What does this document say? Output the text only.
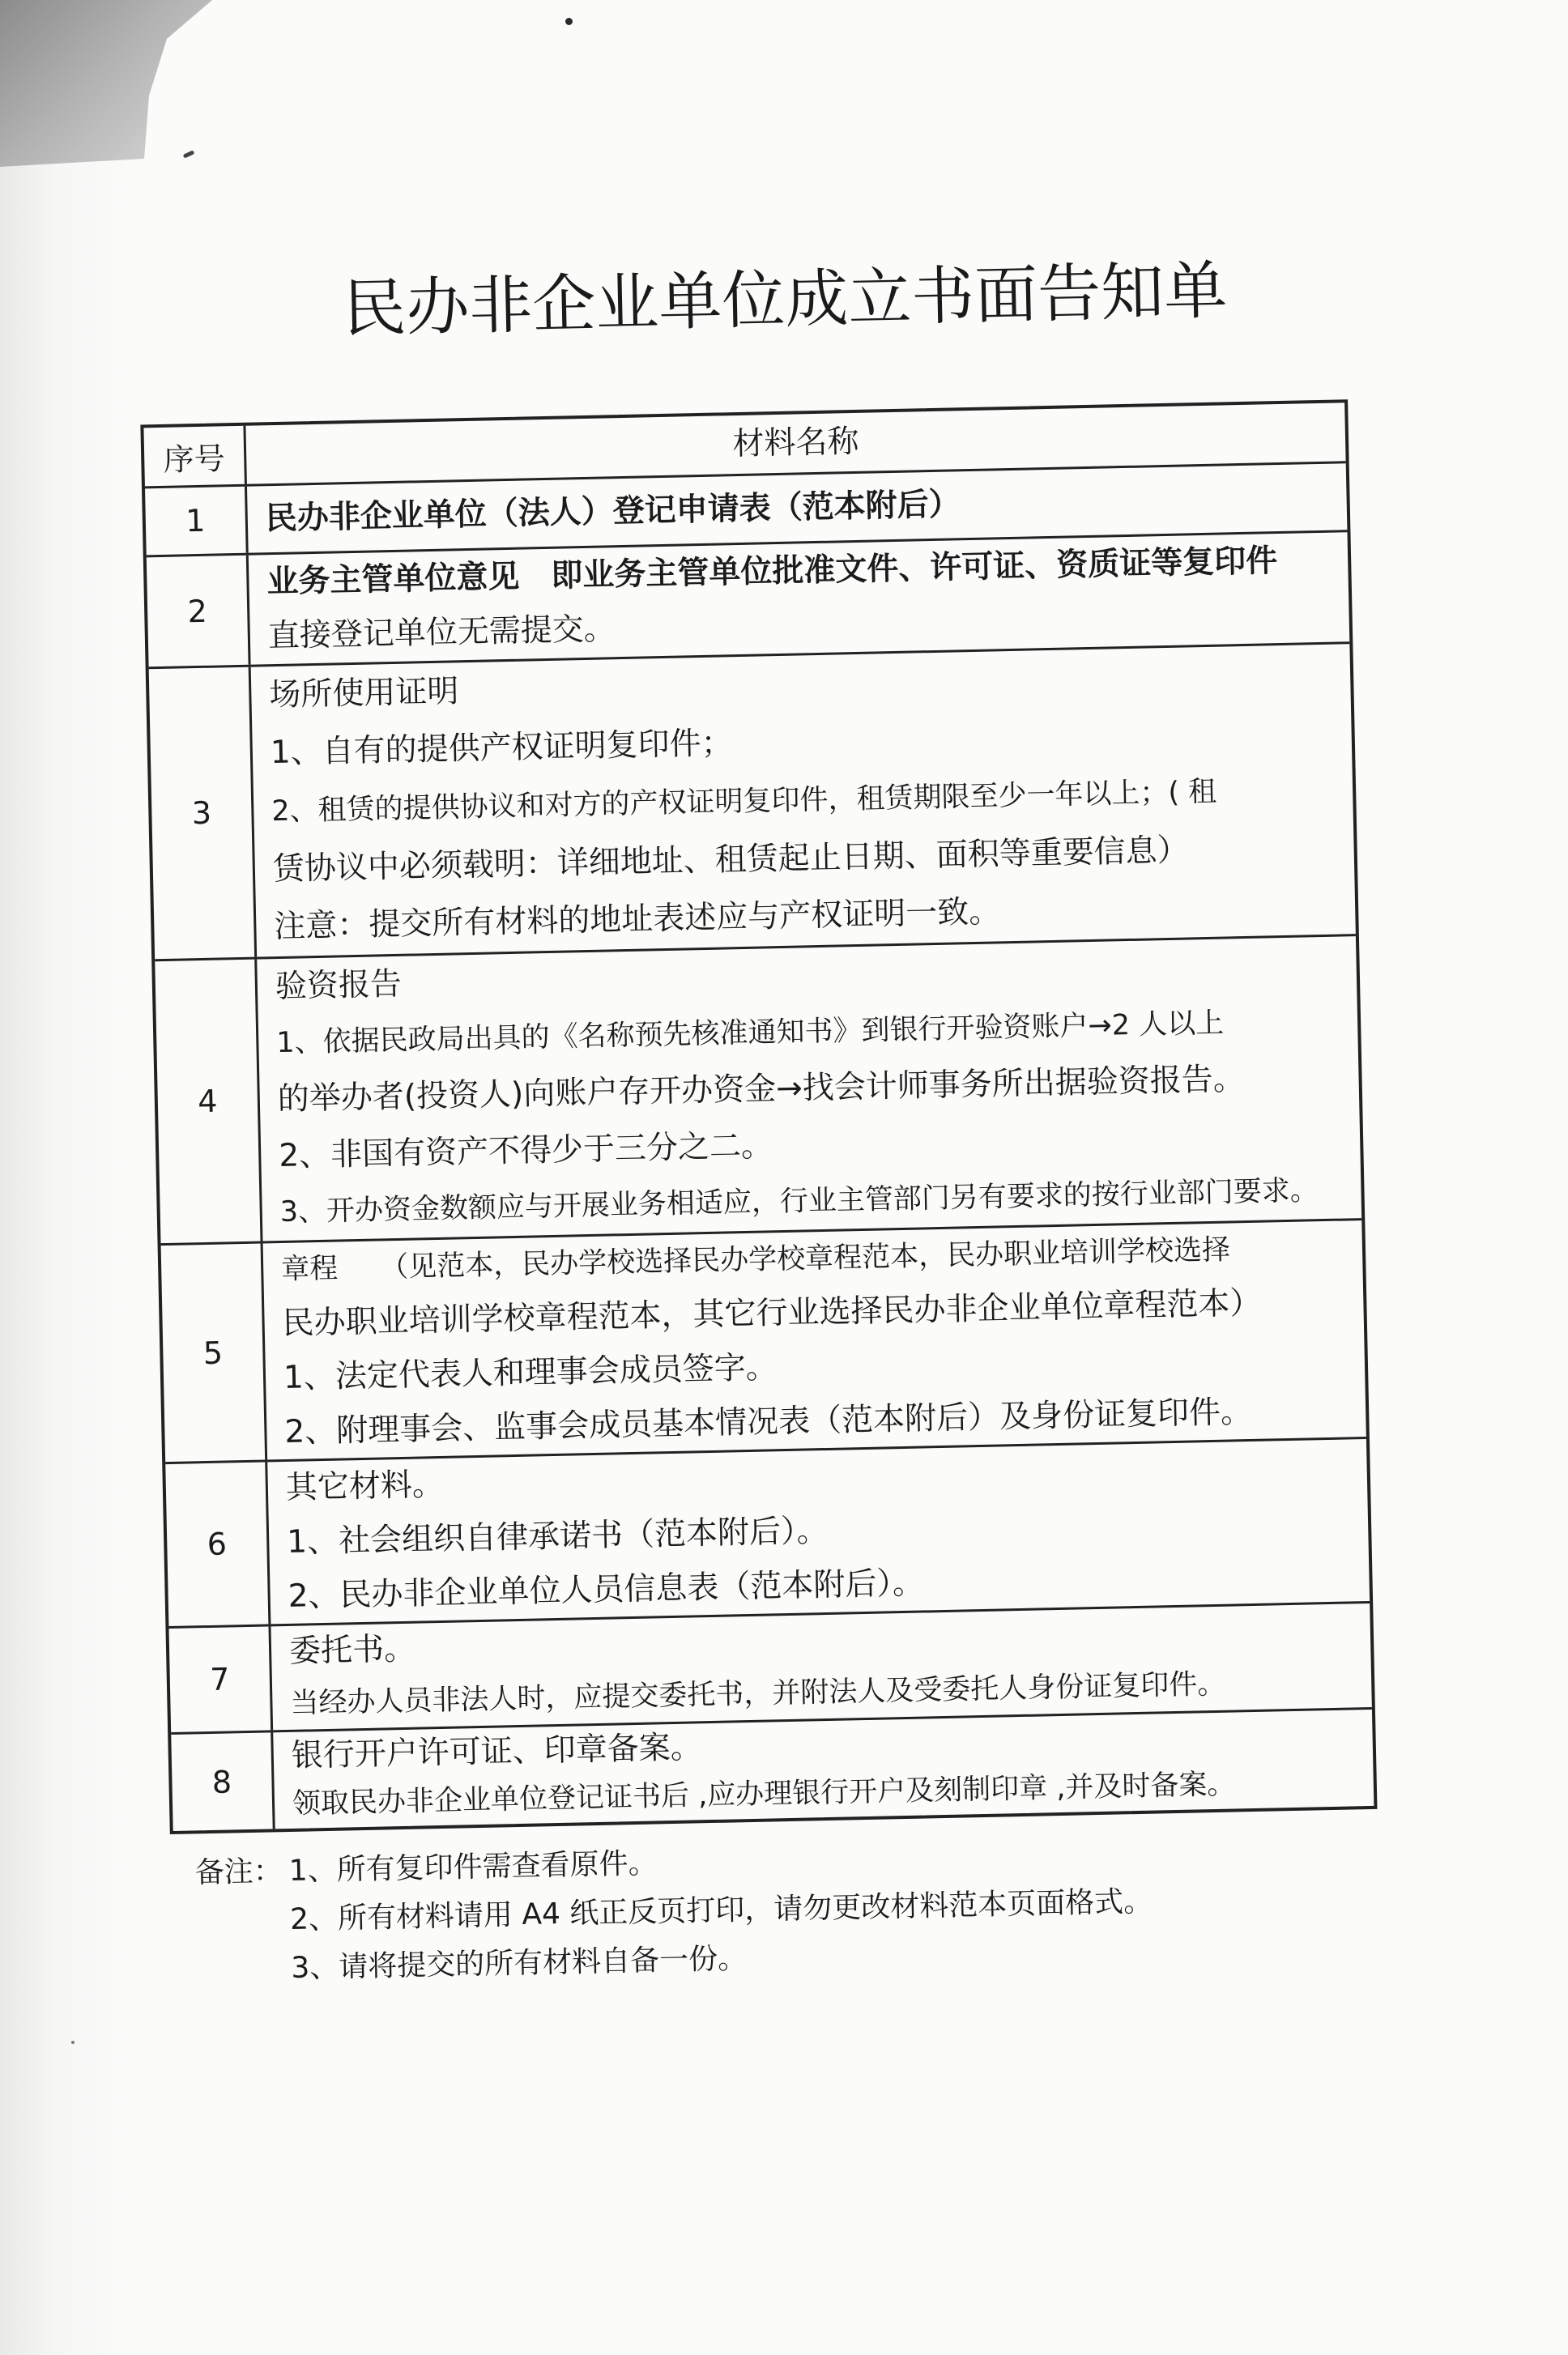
民办非企业单位成立书面告知单
序号	材料名称
1	民办非企业单位（法人）登记申请表（范本附后）
2
业务主管单位意见 即业务主管单位批准文件、许可证、资质证等复印件
直接登记单位无需提交。
3
场所使用证明
1、自有的提供产权证明复印件；
2、租赁的提供协议和对方的产权证明复印件，租赁期限至少一年以上；( 租
赁协议中必须载明：详细地址、租赁起止日期、面积等重要信息）
注意：提交所有材料的地址表述应与产权证明一致。
4
验资报告
1、依据民政局出具的《名称预先核准通知书》到银行开验资账户→2 人以上
的举办者(投资人)向账户存开办资金→找会计师事务所出据验资报告。
2、非国有资产不得少于三分之二。
3、开办资金数额应与开展业务相适应，行业主管部门另有要求的按行业部门要求。
5
章程 （见范本，民办学校选择民办学校章程范本，民办职业培训学校选择
民办职业培训学校章程范本，其它行业选择民办非企业单位章程范本）
1、法定代表人和理事会成员签字。
2、附理事会、监事会成员基本情况表（范本附后）及身份证复印件。
6
其它材料。
1、社会组织自律承诺书（范本附后）。
2、民办非企业单位人员信息表（范本附后）。
7
委托书。
当经办人员非法人时，应提交委托书，并附法人及受委托人身份证复印件。
8
银行开户许可证、印章备案。
领取民办非企业单位登记证书后 ,应办理银行开户及刻制印章 ,并及时备案。
备注： 1、所有复印件需查看原件。
2、所有材料请用 A4 纸正反页打印，请勿更改材料范本页面格式。
3、请将提交的所有材料自备一份。
